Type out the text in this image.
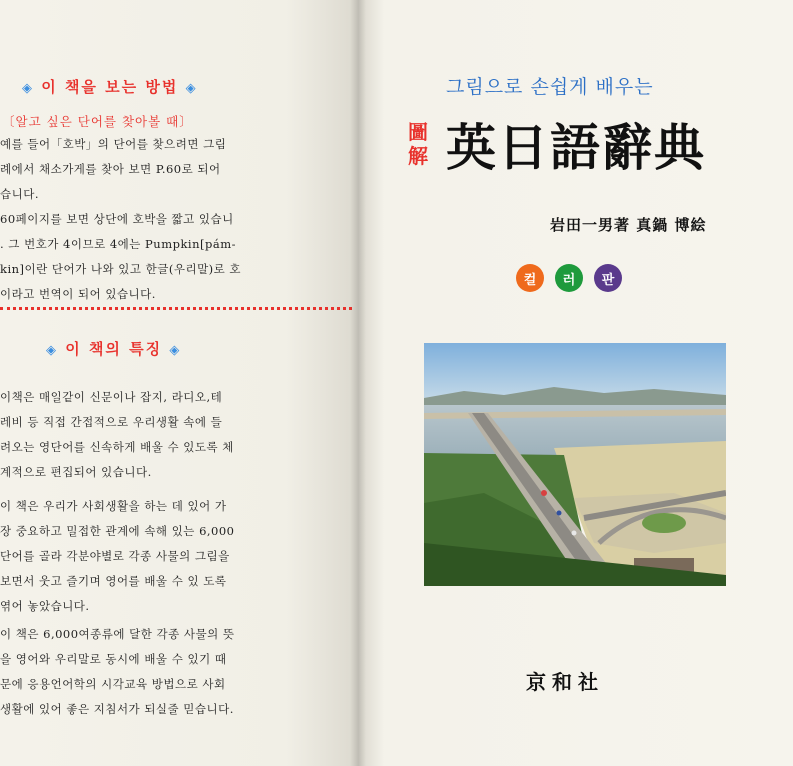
◈ 이 책을 보는 방법 ◈
〔알고 싶은 단어를 찾아볼 때〕
예를 들어「호박」의 단어를 찾으려면 그림
례에서 채소가게를 찾아 보면 P.60로 되어
습니다.
60페이지를 보면 상단에 호박을 짧고 있습니
. 그 번호가 4이므로 4에는 Pumpkin[pám-
kin]이란 단어가 나와 있고 한글(우리말)로 호
이라고 번역이 되어 있습니다.
◈ 이 책의 특징 ◈
이책은 매일같이 신문이나 잡지, 라디오,테
레비 등 직접 간접적으로 우리생활 속에 들
려오는 영단어를 신속하게 배울 수 있도록 체
계적으로 편집되어 있습니다.
이 책은 우리가 사회생활을 하는 데 있어 가
장 중요하고 밀접한 관계에 속해 있는 6,000
단어를 골라 각분야별로 각종 사물의 그림을
보면서 웃고 즐기며 영어를 배울 수 있 도록
엮어 놓았습니다.
이 책은 6,000여종류에 달한 각종 사물의 뜻
을 영어와 우리말로 동시에 배울 수 있기 때
문에 응용언어학의 시각교육 방법으로 사회
생활에 있어 좋은 지침서가 되실줄 믿습니다.
그림으로 손쉽게 배우는
圖
解 英日語辭典
岩田一男著 真鍋 博絵
컬	러	판
京和社
